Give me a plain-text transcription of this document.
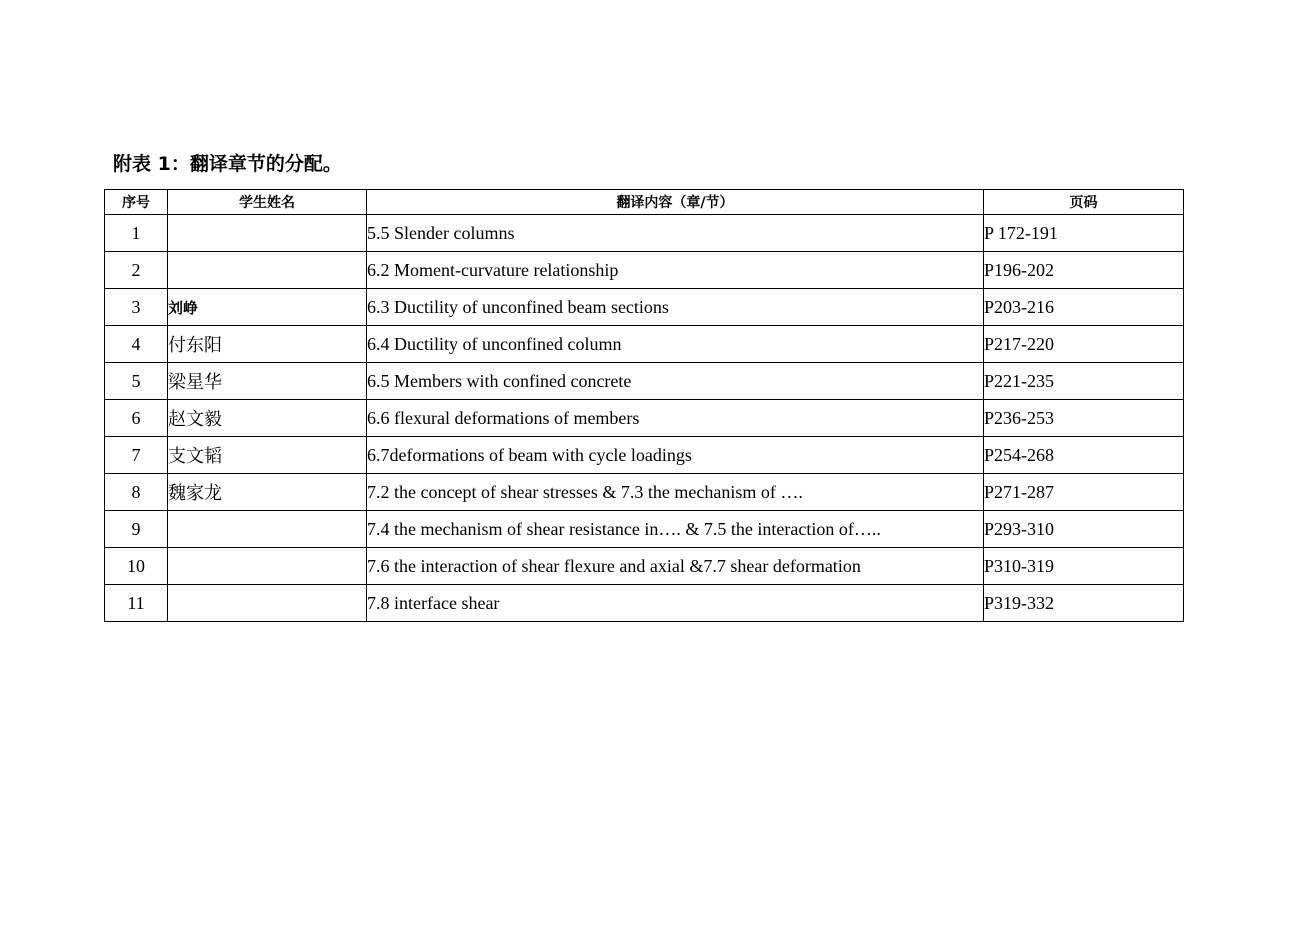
附表 1：翻译章节的分配。
序号	学生姓名	翻译内容（章/节）	页码
1		5.5 Slender columns	P 172-191
2		6.2 Moment-curvature relationship	P196-202
3	刘峥	6.3 Ductility of unconfined beam sections	P203-216
4	付东阳	6.4 Ductility of unconfined column	P217-220
5	梁星华	6.5 Members with confined concrete	P221-235
6	赵文毅	6.6 flexural deformations of members	P236-253
7	支文韬	6.7deformations of beam with cycle loadings	P254-268
8	魏家龙	7.2 the concept of shear stresses & 7.3 the mechanism of ….	P271-287
9		7.4 the mechanism of shear resistance in…. & 7.5 the interaction of…..	P293-310
10		7.6 the interaction of shear flexure and axial &7.7 shear deformation	P310-319
11		7.8 interface shear	P319-332
